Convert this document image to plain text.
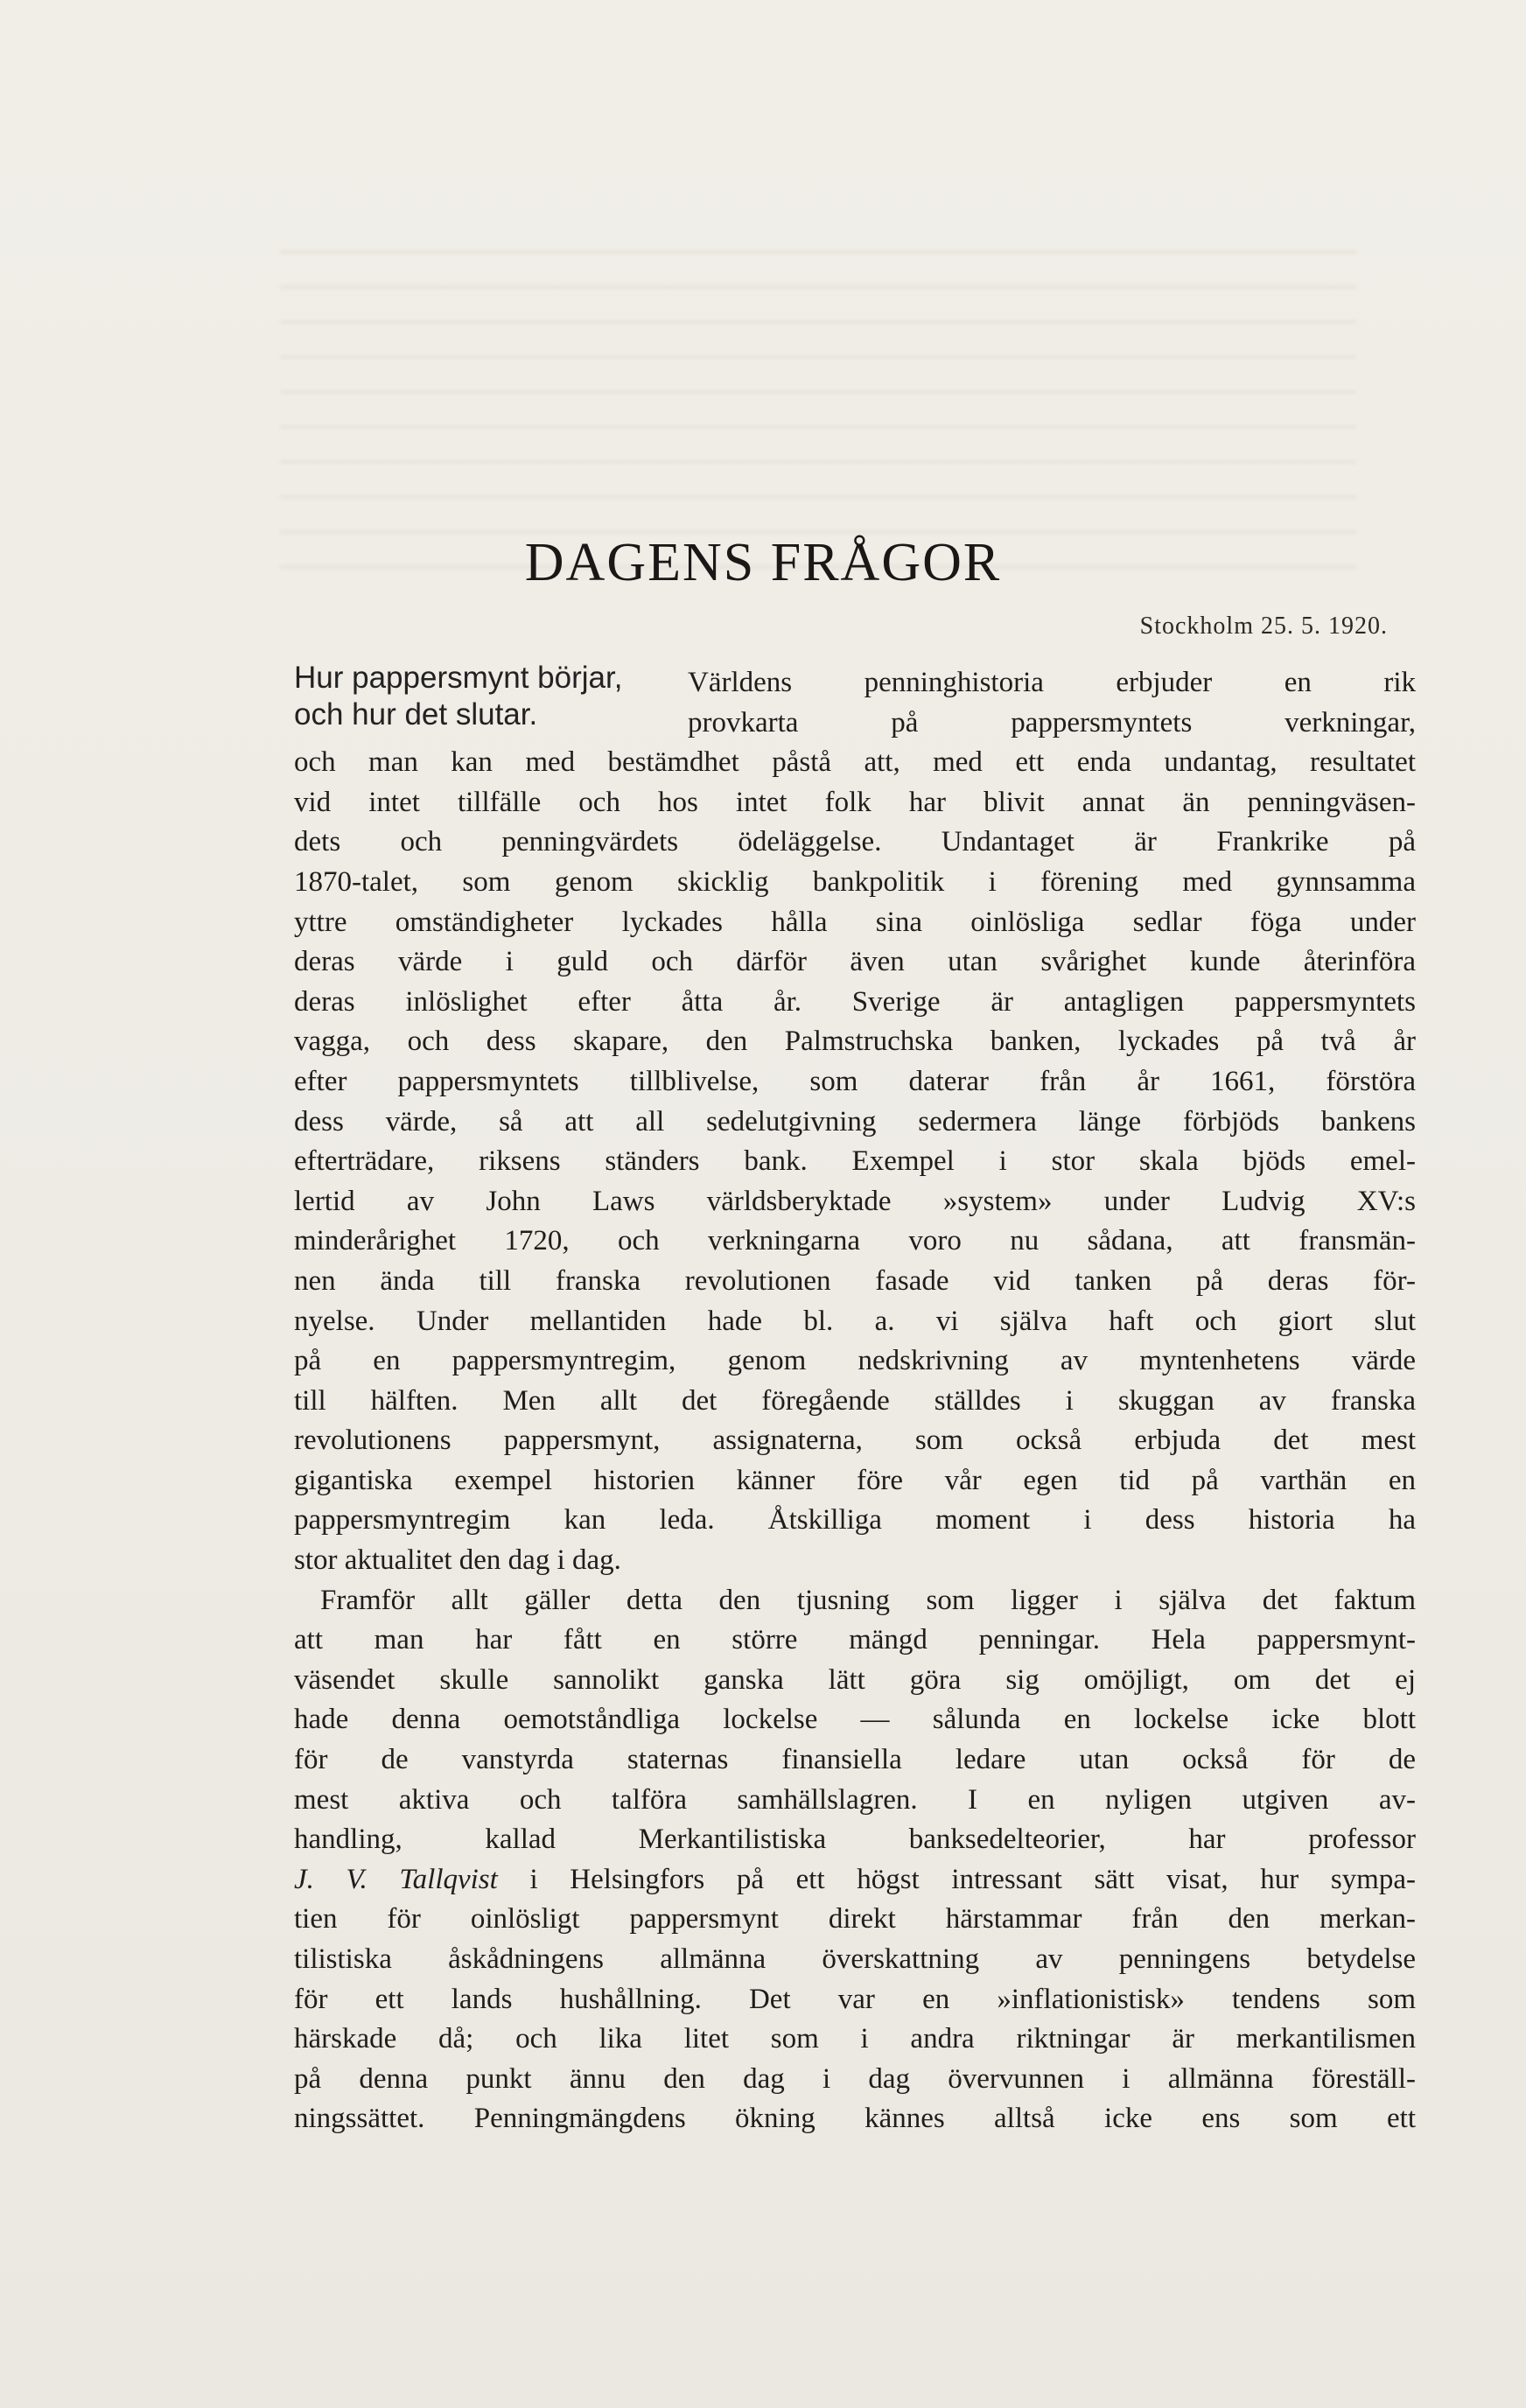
DAGENS FRÅGOR
Stockholm 25. 5. 1920.
Hur pappersmynt börjar,
och hur det slutar.
Världens penninghistoria erbjuder en rik
provkarta på pappersmyntets verkningar,
och man kan med bestämdhet påstå att, med ett enda undantag, resultatet
vid intet tillfälle och hos intet folk har blivit annat än penningväsen-
dets och penningvärdets ödeläggelse. Undantaget är Frankrike på
1870-talet, som genom skicklig bankpolitik i förening med gynnsamma
yttre omständigheter lyckades hålla sina oinlösliga sedlar föga under
deras värde i guld och därför även utan svårighet kunde återinföra
deras inlöslighet efter åtta år. Sverige är antagligen pappersmyntets
vagga, och dess skapare, den Palmstruchska banken, lyckades på två år
efter pappersmyntets tillblivelse, som daterar från år 1661, förstöra
dess värde, så att all sedelutgivning sedermera länge förbjöds bankens
efterträdare, riksens ständers bank. Exempel i stor skala bjöds emel-
lertid av John Laws världsberyktade »system» under Ludvig XV:s
minderårighet 1720, och verkningarna voro nu sådana, att fransmän-
nen ända till franska revolutionen fasade vid tanken på deras för-
nyelse. Under mellantiden hade bl. a. vi själva haft och giort slut
på en pappersmyntregim, genom nedskrivning av myntenhetens värde
till hälften. Men allt det föregående ställdes i skuggan av franska
revolutionens pappersmynt, assignaterna, som också erbjuda det mest
gigantiska exempel historien känner före vår egen tid på varthän en
pappersmyntregim kan leda. Åtskilliga moment i dess historia ha
stor aktualitet den dag i dag.
Framför allt gäller detta den tjusning som ligger i själva det faktum
att man har fått en större mängd penningar. Hela pappersmynt-
väsendet skulle sannolikt ganska lätt göra sig omöjligt, om det ej
hade denna oemotståndliga lockelse — sålunda en lockelse icke blott
för de vanstyrda staternas finansiella ledare utan också för de
mest aktiva och talföra samhällslagren. I en nyligen utgiven av-
handling, kallad Merkantilistiska banksedelteorier, har professor
J. V. Tallqvist i Helsingfors på ett högst intressant sätt visat, hur sympa-
tien för oinlösligt pappersmynt direkt härstammar från den merkan-
tilistiska åskådningens allmänna överskattning av penningens betydelse
för ett lands hushållning. Det var en »inflationistisk» tendens som
härskade då; och lika litet som i andra riktningar är merkantilismen
på denna punkt ännu den dag i dag övervunnen i allmänna föreställ-
ningssättet. Penningmängdens ökning kännes alltså icke ens som ett
